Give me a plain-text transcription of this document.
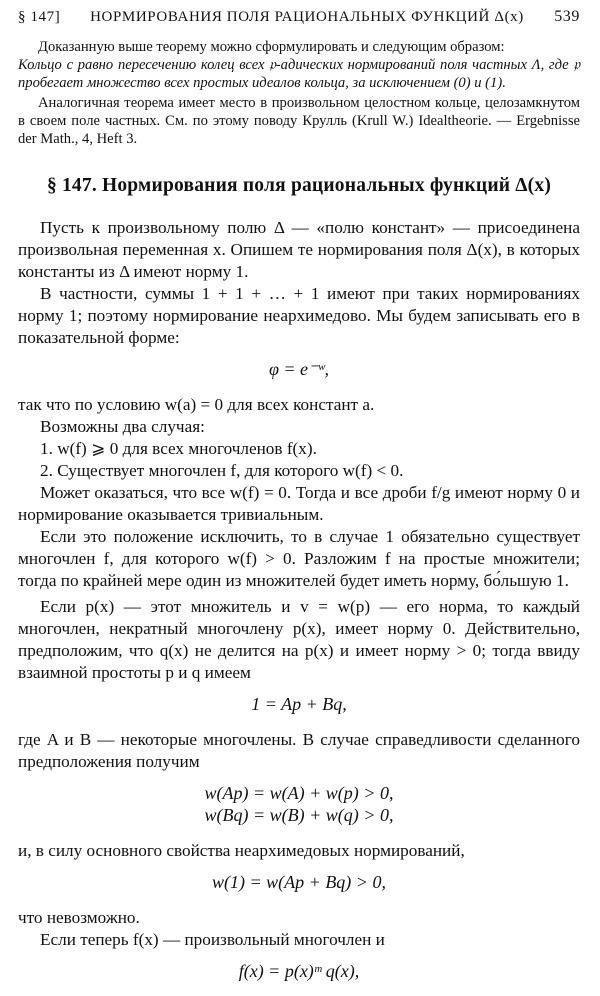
§ 147]	НОРМИРОВАНИЯ ПОЛЯ РАЦИОНАЛЬНЫХ ФУНКЦИЙ Δ(x)	539

Доказанную выше теорему можно сформулировать и следующим образом:

Кольцо с равно пересечению колец всех 𝔭-адических нормирований поля частных Λ, где 𝔭 пробегает множество всех простых идеалов кольца, за исключением (0) и (1).

Аналогичная теорема имеет место в произвольном целостном кольце, целозамкнутом в своем поле частных. См. по этому поводу Крулль (Krull W.) Idealtheorie. — Ergebnisse der Math., 4, Heft 3.

§ 147. Нормирования поля рациональных функций Δ(x)

Пусть к произвольному полю Δ — «полю констант» — присоединена произвольная переменная x. Опишем те нормирования поля Δ(x), в которых константы из Δ имеют норму 1.

В частности, суммы 1 + 1 + … + 1 имеют при таких нормированиях норму 1; поэтому нормирование неархимедово. Мы будем записывать его в показательной форме:

φ = e⁻ʷ,

так что по условию w(a) = 0 для всех констант a.

Возможны два случая:

1. w(f) ⩾ 0 для всех многочленов f(x).

2. Существует многочлен f, для которого w(f) < 0.

Может оказаться, что все w(f) = 0. Тогда и все дроби f/g имеют норму 0 и нормирование оказывается тривиальным.

Если это положение исключить, то в случае 1 обязательно существует многочлен f, для которого w(f) > 0. Разложим f на простые множители; тогда по крайней мере один из множителей будет иметь норму, бо́льшую 1.

Если p(x) — этот множитель и v = w(p) — его норма, то каждый многочлен, некратный многочлену p(x), имеет норму 0. Действительно, предположим, что q(x) не делится на p(x) и имеет норму > 0; тогда ввиду взаимной простоты p и q имеем

1 = Ap + Bq,

где A и B — некоторые многочлены. В случае справедливости сделанного предположения получим

w(Ap) = w(A) + w(p) > 0,
w(Bq) = w(B) + w(q) > 0,

и, в силу основного свойства неархимедовых нормирований,

w(1) = w(Ap + Bq) > 0,

что невозможно.

Если теперь f(x) — произвольный многочлен и

f(x) = p(x)ᵐ q(x),
